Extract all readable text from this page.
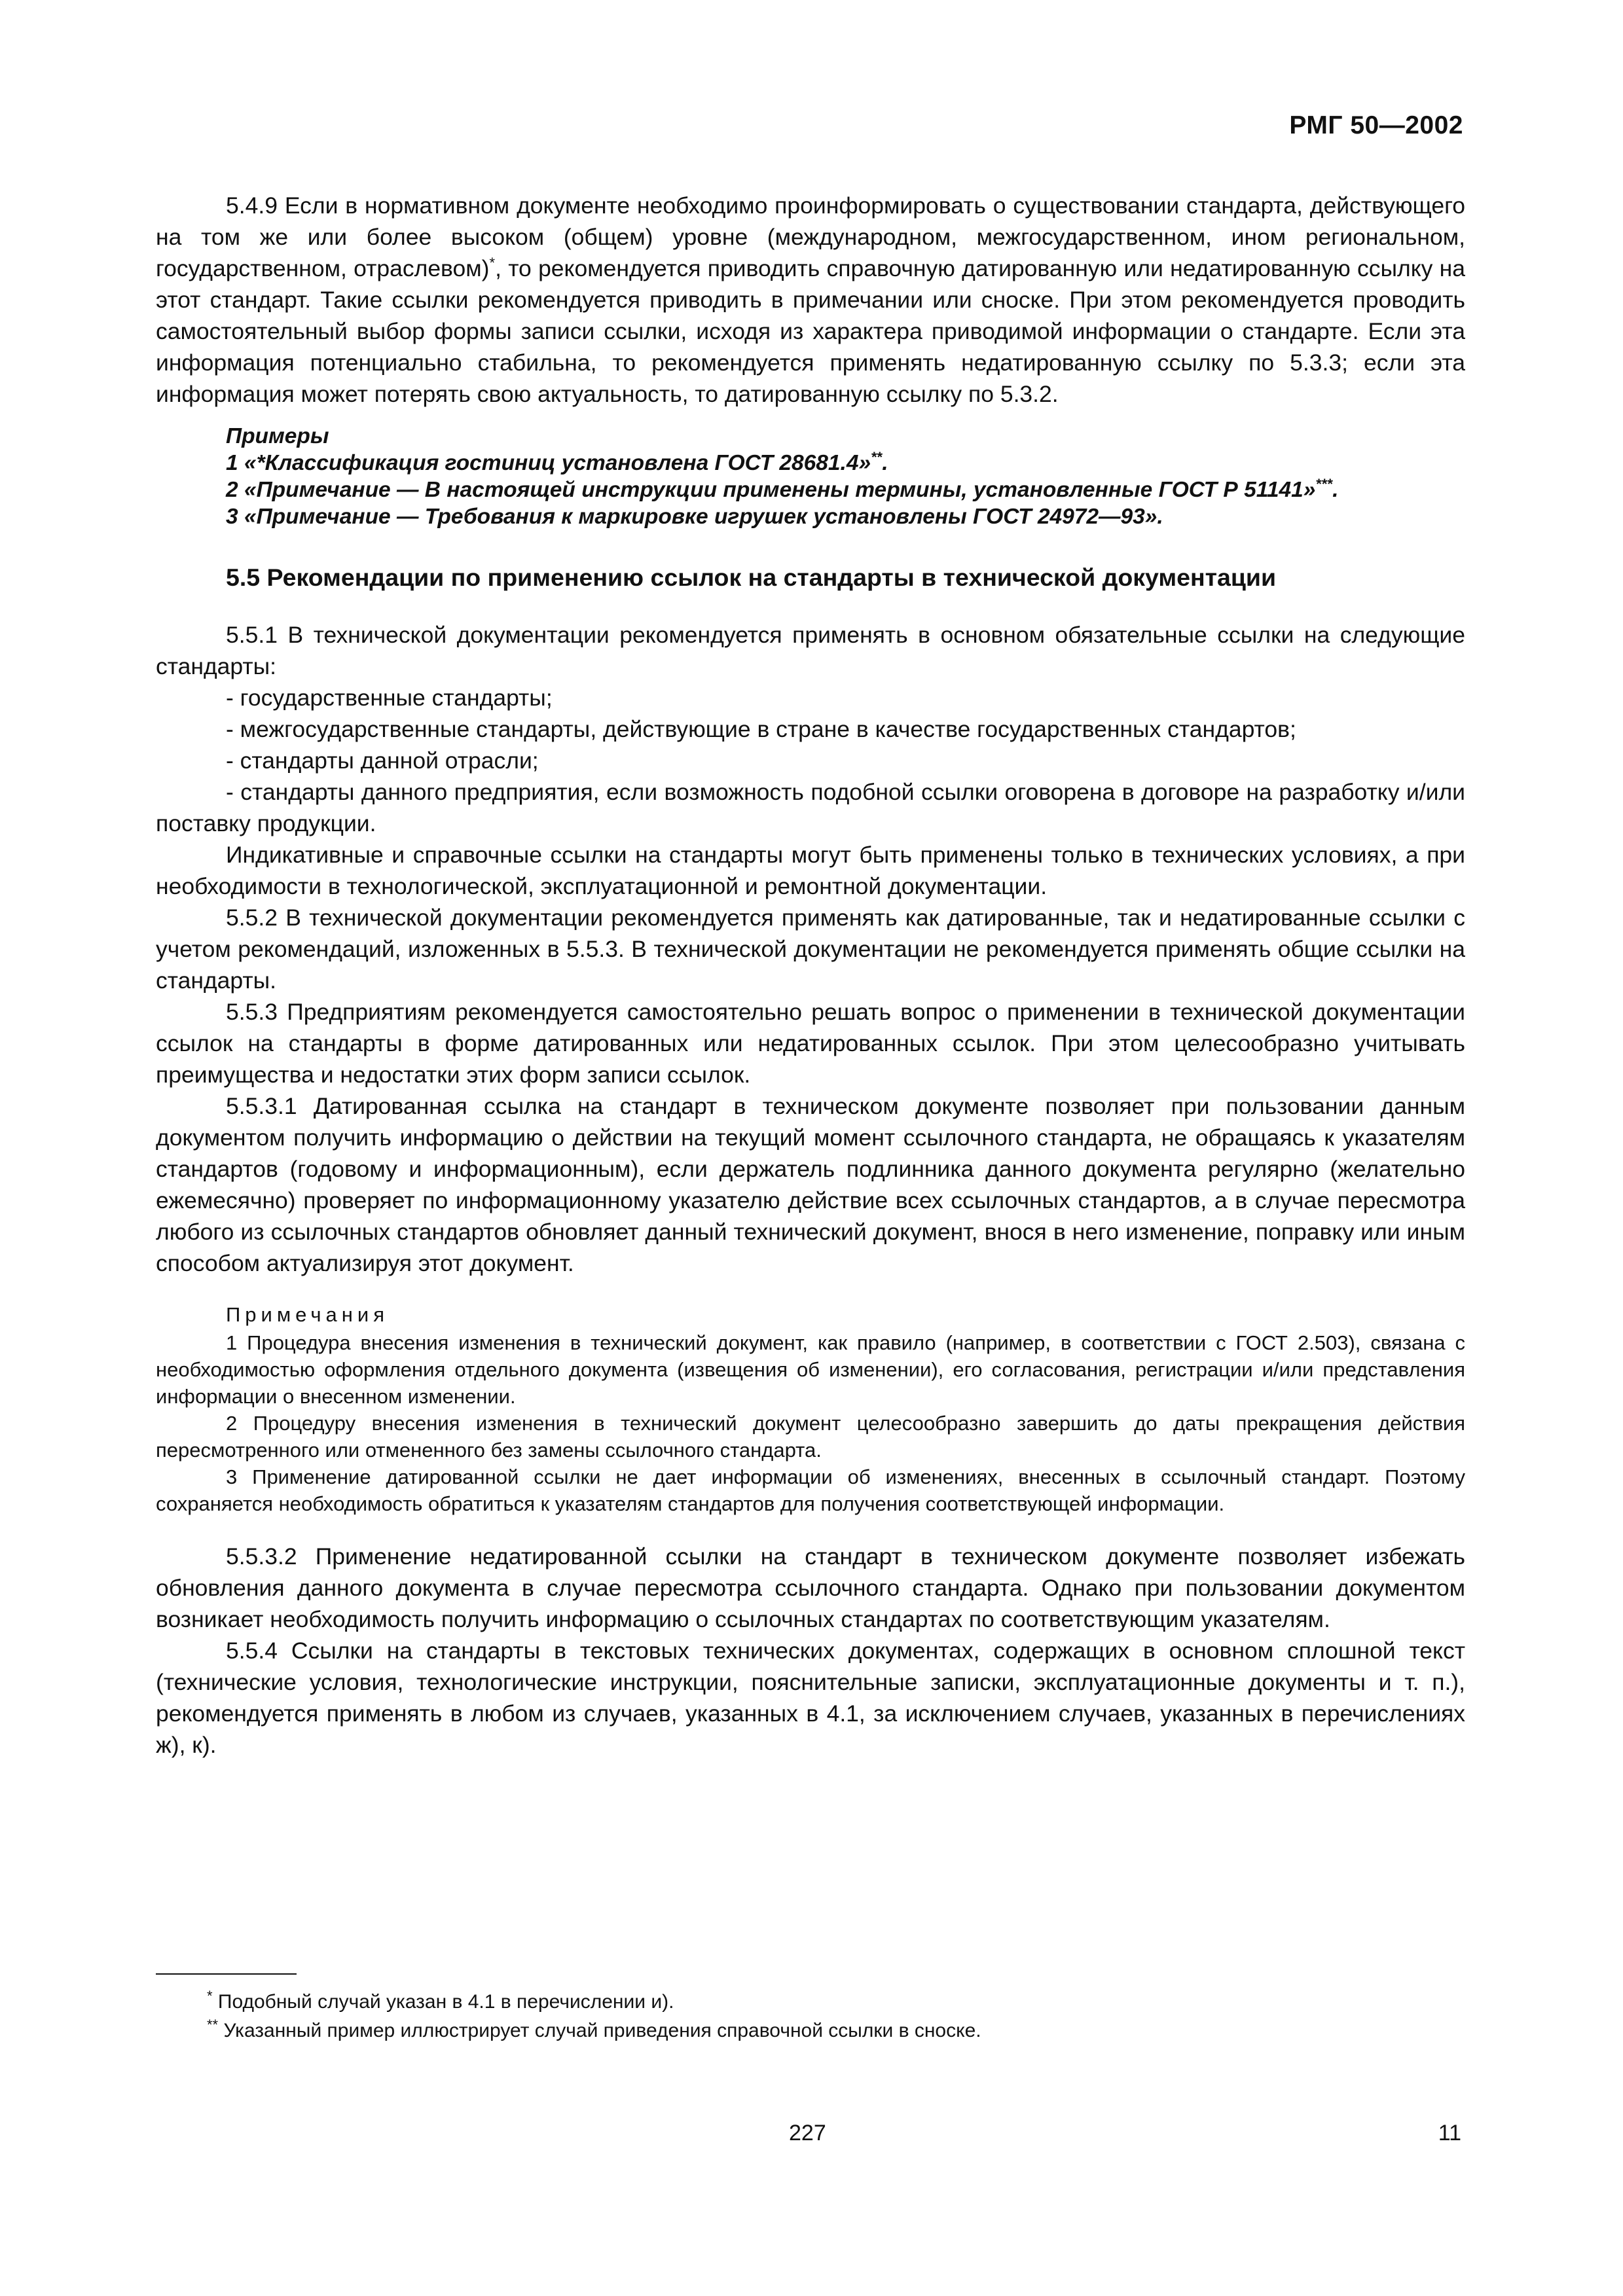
РМГ 50—2002

5.4.9 Если в нормативном документе необходимо проинформировать о существовании стандарта, действующего на том же или более высоком (общем) уровне (международном, межгосударственном, ином региональном, государственном, отраслевом)*, то рекомендуется приводить справочную датированную или недатированную ссылку на этот стандарт. Такие ссылки рекомендуется приводить в примечании или сноске. При этом рекомендуется проводить самостоятельный выбор формы записи ссылки, исходя из характера приводимой информации о стандарте. Если эта информация потенциально стабильна, то рекомендуется применять недатированную ссылку по 5.3.3; если эта информация может потерять свою актуальность, то датированную ссылку по 5.3.2.

Примеры
1 «*Классификация гостиниц установлена ГОСТ 28681.4»**.
2 «Примечание — В настоящей инструкции применены термины, установленные ГОСТ Р 51141»***.
3 «Примечание — Требования к маркировке игрушек установлены ГОСТ 24972—93».
5.5 Рекомендации по применению ссылок на стандарты в технической документации

5.5.1 В технической документации рекомендуется применять в основном обязательные ссылки на следующие стандарты:

- государственные стандарты;

- межгосударственные стандарты, действующие в стране в качестве государственных стандартов;

- стандарты данной отрасли;

- стандарты данного предприятия, если возможность подобной ссылки оговорена в договоре на разработку и/или поставку продукции.

Индикативные и справочные ссылки на стандарты могут быть применены только в технических условиях, а при необходимости в технологической, эксплуатационной и ремонтной документации.

5.5.2 В технической документации рекомендуется применять как датированные, так и недатированные ссылки с учетом рекомендаций, изложенных в 5.5.3. В технической документации не рекомендуется применять общие ссылки на стандарты.

5.5.3 Предприятиям рекомендуется самостоятельно решать вопрос о применении в технической документации ссылок на стандарты в форме датированных или недатированных ссылок. При этом целесообразно учитывать преимущества и недостатки этих форм записи ссылок.

5.5.3.1 Датированная ссылка на стандарт в техническом документе позволяет при пользовании данным документом получить информацию о действии на текущий момент ссылочного стандарта, не обращаясь к указателям стандартов (годовому и информационным), если держатель подлинника данного документа регулярно (желательно ежемесячно) проверяет по информационному указателю действие всех ссылочных стандартов, а в случае пересмотра любого из ссылочных стандартов обновляет данный технический документ, внося в него изменение, поправку или иным способом актуализируя этот документ.

Примечания

1 Процедура внесения изменения в технический документ, как правило (например, в соответствии с ГОСТ 2.503), связана с необходимостью оформления отдельного документа (извещения об изменении), его согласования, регистрации и/или представления информации о внесенном изменении.

2 Процедуру внесения изменения в технический документ целесообразно завершить до даты прекращения действия пересмотренного или отмененного без замены ссылочного стандарта.

3 Применение датированной ссылки не дает информации об изменениях, внесенных в ссылочный стандарт. Поэтому сохраняется необходимость обратиться к указателям стандартов для получения соответствующей информации.

5.5.3.2 Применение недатированной ссылки на стандарт в техническом документе позволяет избежать обновления данного документа в случае пересмотра ссылочного стандарта. Однако при пользовании документом возникает необходимость получить информацию о ссылочных стандартах по соответствующим указателям.

5.5.4 Ссылки на стандарты в текстовых технических документах, содержащих в основном сплошной текст (технические условия, технологические инструкции, пояснительные записки, эксплуатационные документы и т. п.), рекомендуется применять в любом из случаев, указанных в 4.1, за исключением случаев, указанных в перечислениях ж), к).

* Подобный случай указан в 4.1 в перечислении и).

** Указанный пример иллюстрирует случай приведения справочной ссылки в сноске.

227	11
